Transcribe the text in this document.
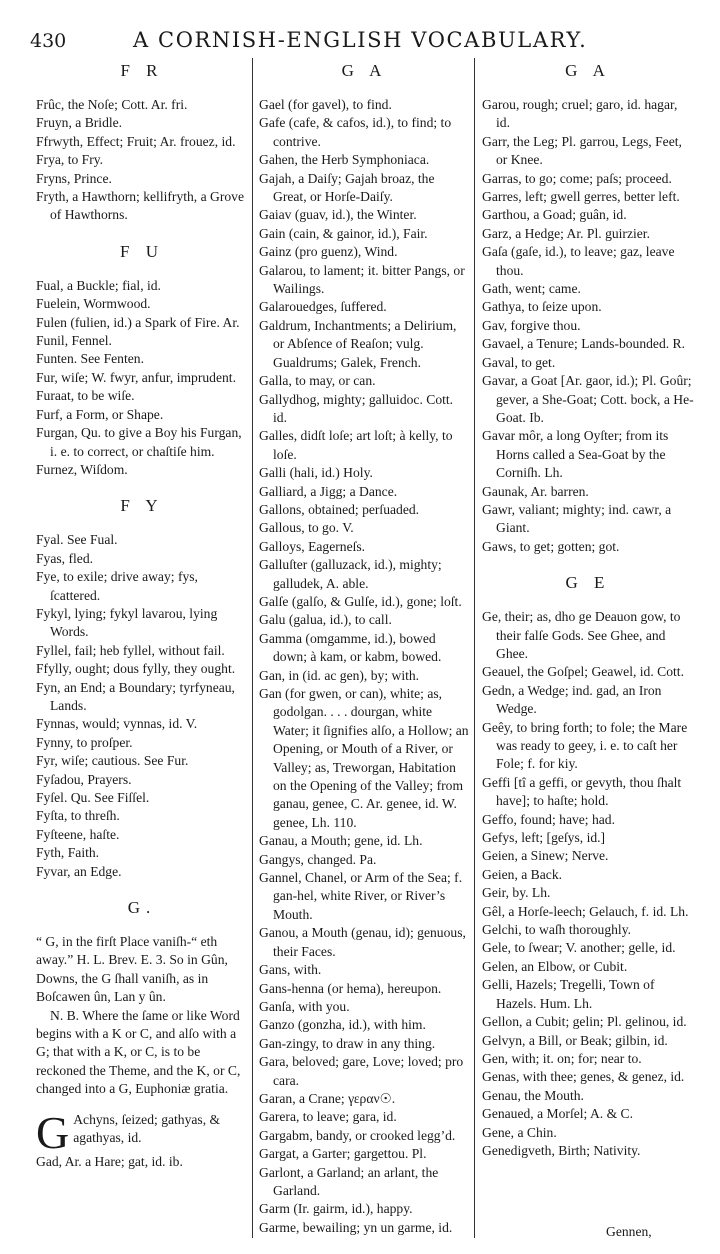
430	A CORNISH-ENGLISH VOCABULARY.
F R
Frûc, the Noſe; Cott. Ar. fri.
Fruyn, a Bridle.
Ffrwyth, Effect; Fruit; Ar. frouez, id.
Frya, to Fry.
Fryns, Prince.
Fryth, a Hawthorn; kellifryth, a Grove of Hawthorns.
F U
Fual, a Buckle; fial, id.
Fuelein, Wormwood.
Fulen (fulien, id.) a Spark of Fire. Ar.
Funil, Fennel.
Funten. See Fenten.
Fur, wiſe; W. fwyr, anfur, imprudent.
Furaat, to be wiſe.
Furf, a Form, or Shape.
Furgan, Qu. to give a Boy his Furgan, i. e. to correct, or chaſtiſe him.
Furnez, Wiſdom.
F Y
Fyal. See Fual.
Fyas, fled.
Fye, to exile; drive away; fys, ſcattered.
Fykyl, lying; fykyl lavarou, lying Words.
Fyllel, fail; heb fyllel, without fail.
Ffylly, ought; dous fylly, they ought.
Fyn, an End; a Boundary; tyrfyneau, Lands.
Fynnas, would; vynnas, id. V.
Fynny, to proſper.
Fyr, wiſe; cautious. See Fur.
Fyſadou, Prayers.
Fyſel. Qu. See Fiſſel.
Fyſta, to threſh.
Fyſteene, haſte.
Fyth, Faith.
Fyvar, an Edge.
G.
“ G, in the firſt Place vaniſh-“ eth away.” H. L. Brev. E. 3. So in Gûn, Downs, the G ſhall vaniſh, as in Boſcawen ûn, Lan y ûn.
N. B. Where the ſame or like Word begins with a K or C, and alſo with a G; that with a K, or C, is to be reckoned the Theme, and the K, or C, changed into a G, Euphoniæ gratia.
G Achyns, ſeized; gathyas, & agathyas, id.
Gad, Ar. a Hare; gat, id. ib.
G A
Gael (for gavel), to find.
Gafe (cafe, & cafos, id.), to find; to contrive.
Gahen, the Herb Symphoniaca.
Gajah, a Daiſy; Gajah broaz, the Great, or Horſe-Daiſy.
Gaiav (guav, id.), the Winter.
Gain (cain, & gainor, id.), Fair.
Gainz (pro guenz), Wind.
Galarou, to lament; it. bitter Pangs, or Wailings.
Galarouedges, ſuffered.
Galdrum, Inchantments; a Delirium, or Abſence of Reaſon; vulg. Gualdrums; Galek, French.
Galla, to may, or can.
Gallydhog, mighty; galluidoc. Cott. id.
Galles, didſt loſe; art loſt; à kelly, to loſe.
Galli (hali, id.) Holy.
Galliard, a Jigg; a Dance.
Gallons, obtained; perſuaded.
Gallous, to go. V.
Galloys, Eagerneſs.
Galluſter (galluzack, id.), mighty; galludek, A. able.
Galſe (galſo, & Gulſe, id.), gone; loſt.
Galu (galua, id.), to call.
Gamma (omgamme, id.), bowed down; à kam, or kabm, bowed.
Gan, in (id. ac gen), by; with.
Gan (for gwen, or can), white; as, godolgan. . . . dourgan, white Water; it ſignifies alſo, a Hollow; an Opening, or Mouth of a River, or Valley; as, Treworgan, Habitation on the Opening of the Valley; from ganau, genee, C. Ar. genee, id. W. genee, Lh. 110.
Ganau, a Mouth; gene, id. Lh.
Gangys, changed. Pa.
Gannel, Chanel, or Arm of the Sea; f. gan-hel, white River, or River’s Mouth.
Ganou, a Mouth (genau, id); genuous, their Faces.
Gans, with.
Gans-henna (or hema), hereupon.
Ganſa, with you.
Ganzo (gonzha, id.), with him.
Gan-zingy, to draw in any thing.
Gara, beloved; gare, Love; loved; pro cara.
Garan, a Crane; γεραν☉.
Garera, to leave; gara, id.
Gargabm, bandy, or crooked legg’d.
Gargat, a Garter; gargettou. Pl.
Garlont, a Garland; an arlant, the Garland.
Garm (Ir. gairm, id.), happy.
Garme, bewailing; yn un garme, id.
G A
Garou, rough; cruel; garo, id. hagar, id.
Garr, the Leg; Pl. garrou, Legs, Feet, or Knee.
Garras, to go; come; paſs; proceed.
Garres, left; gwell gerres, better left.
Garthou, a Goad; guân, id.
Garz, a Hedge; Ar. Pl. guirzier.
Gaſa (gaſe, id.), to leave; gaz, leave thou.
Gath, went; came.
Gathya, to ſeize upon.
Gav, forgive thou.
Gavael, a Tenure; Lands-bounded. R.
Gaval, to get.
Gavar, a Goat [Ar. gaor, id.); Pl. Goûr; gever, a She-Goat; Cott. bock, a He-Goat. Ib.
Gavar môr, a long Oyſter; from its Horns called a Sea-Goat by the Corniſh. Lh.
Gaunak, Ar. barren.
Gawr, valiant; mighty; ind. cawr, a Giant.
Gaws, to get; gotten; got.
G E
Ge, their; as, dho ge Deauon gow, to their falſe Gods. See Ghee, and Ghee.
Geauel, the Goſpel; Geawel, id. Cott.
Gedn, a Wedge; ind. gad, an Iron Wedge.
Geêy, to bring forth; to fole; the Mare was ready to geey, i. e. to caſt her Fole; f. for kiy.
Geffi [tî a geffi, or gevyth, thou ſhalt have]; to haſte; hold.
Geffo, found; have; had.
Gefys, left; [geſys, id.]
Geien, a Sinew; Nerve.
Geien, a Back.
Geir, by. Lh.
Gêl, a Horſe-leech; Gelauch, f. id. Lh.
Gelchi, to waſh thoroughly.
Gele, to ſwear; V. another; gelle, id.
Gelen, an Elbow, or Cubit.
Gelli, Hazels; Tregelli, Town of Hazels. Hum. Lh.
Gellon, a Cubit; gelin; Pl. gelinou, id.
Gelvyn, a Bill, or Beak; gilbin, id.
Gen, with; it. on; for; near to.
Genas, with thee; genes, & genez, id.
Genau, the Mouth.
Genaued, a Morſel; A. & C.
Gene, a Chin.
Genedigveth, Birth; Nativity.
Gennen,
